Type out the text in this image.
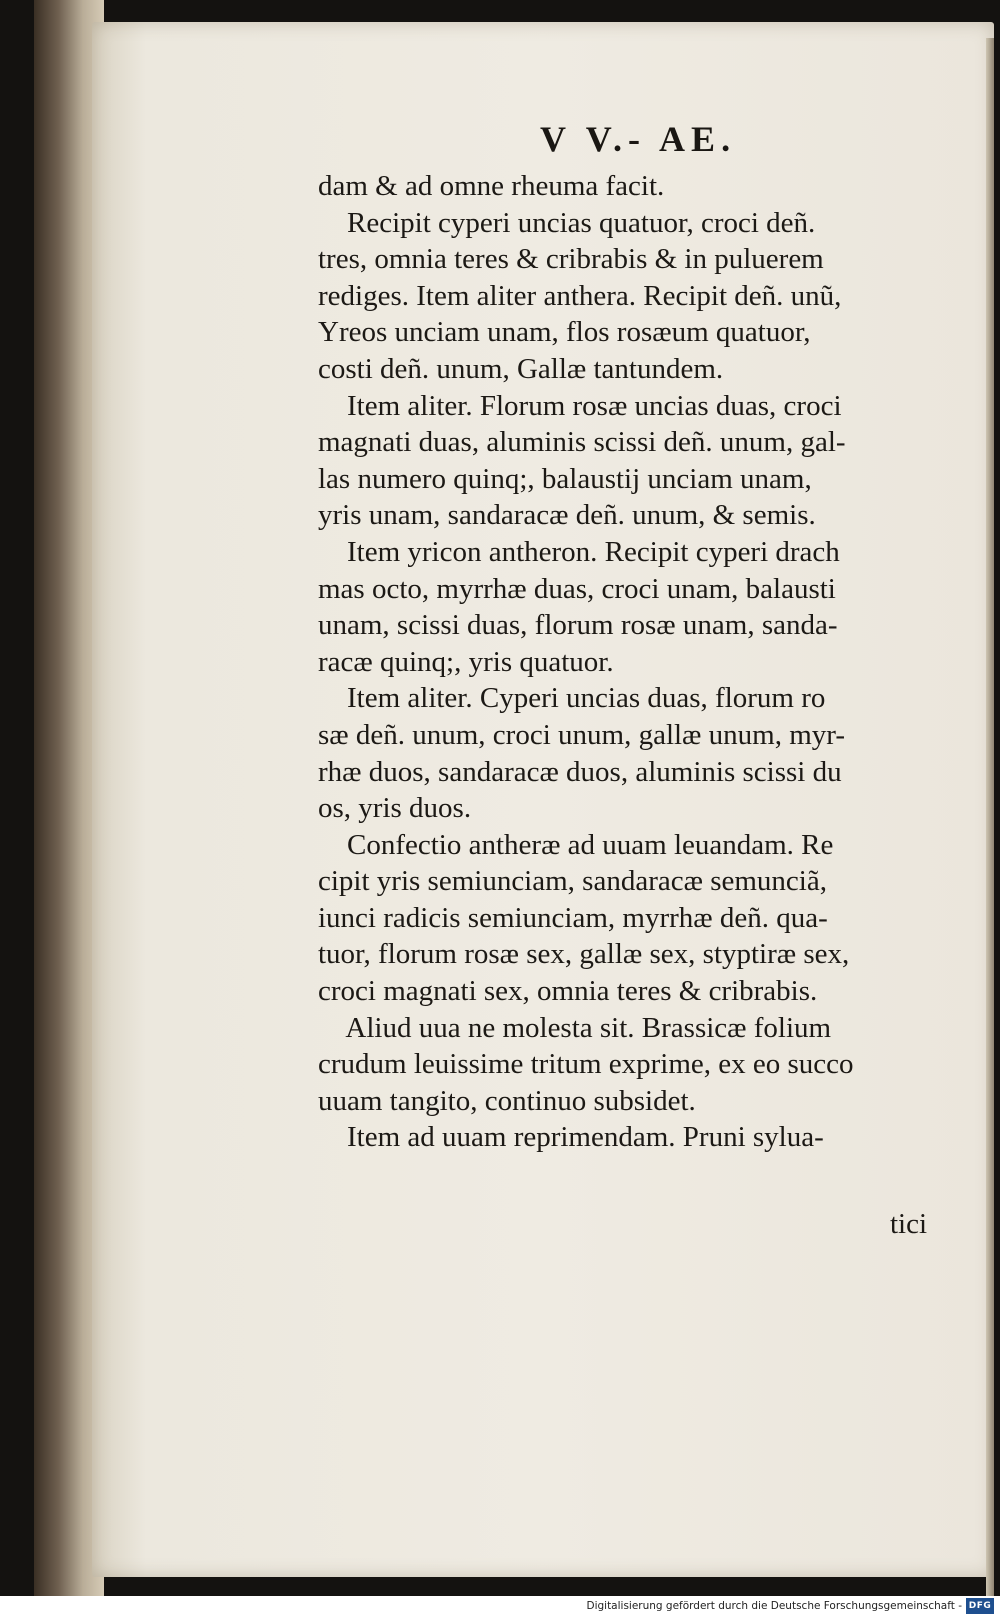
V V.- AE.
dam & ad omne rheuma facit.
Recipit cyperi uncias quatuor, croci deñ.
tres, omnia teres & cribrabis & in puluerem
rediges. Item aliter anthera. Recipit deñ. unũ,
Yreos unciam unam, flos rosæum quatuor,
costi deñ. unum, Gallæ tantundem.
Item aliter. Florum rosæ uncias duas, croci
magnati duas, aluminis scissi deñ. unum, gal-
las numero quinq;, balaustij unciam unam,
yris unam, sandaracæ deñ. unum, & semis.
Item yricon antheron. Recipit cyperi drach
mas octo, myrrhæ duas, croci unam, balausti
unam, scissi duas, florum rosæ unam, sanda-
racæ quinq;, yris quatuor.
Item aliter. Cyperi uncias duas, florum ro
sæ deñ. unum, croci unum, gallæ unum, myr-
rhæ duos, sandaracæ duos, aluminis scissi du
os, yris duos.
Confectio antheræ ad uuam leuandam. Re
cipit yris semiunciam, sandaracæ semunciã,
iunci radicis semiunciam, myrrhæ deñ. qua-
tuor, florum rosæ sex, gallæ sex, styptiræ sex,
croci magnati sex, omnia teres & cribrabis.
Aliud uua ne molesta sit. Brassicæ folium
crudum leuissime tritum exprime, ex eo succo
uuam tangito, continuo subsidet.
Item ad uuam reprimendam. Pruni sylua-
tici
Digitalisierung gefördert durch die Deutsche Forschungsgemeinschaft - DFG
